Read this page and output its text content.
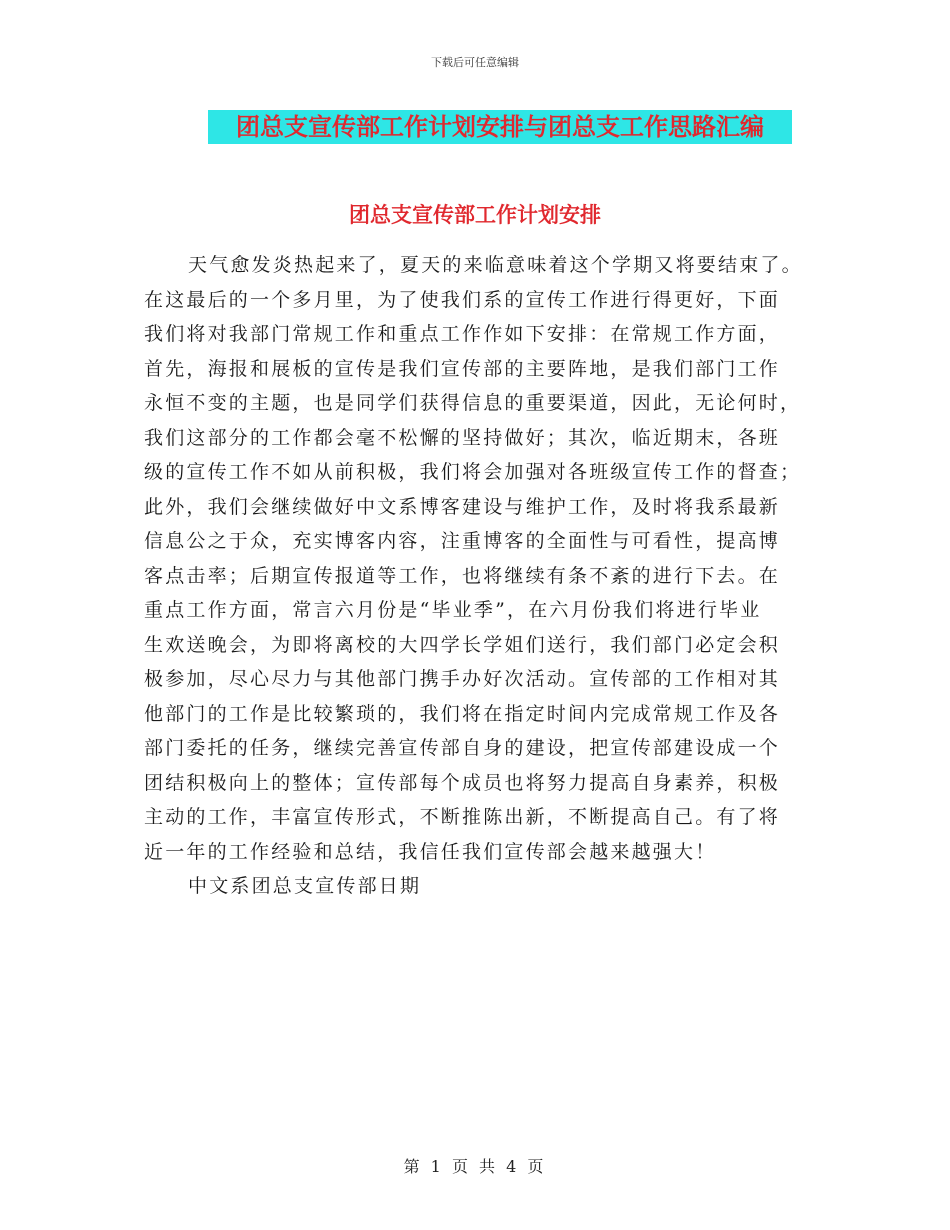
下载后可任意编辑
团总支宣传部工作计划安排与团总支工作思路汇编
团总支宣传部工作计划安排
天气愈发炎热起来了，夏天的来临意味着这个学期又将要结束了。
在这最后的一个多月里，为了使我们系的宣传工作进行得更好，下面
我们将对我部门常规工作和重点工作作如下安排：在常规工作方面，
首先，海报和展板的宣传是我们宣传部的主要阵地，是我们部门工作
永恒不变的主题，也是同学们获得信息的重要渠道，因此，无论何时，
我们这部分的工作都会毫不松懈的坚持做好；其次，临近期末，各班
级的宣传工作不如从前积极，我们将会加强对各班级宣传工作的督查；
此外，我们会继续做好中文系博客建设与维护工作，及时将我系最新
信息公之于众，充实博客内容，注重博客的全面性与可看性，提高博
客点击率；后期宣传报道等工作，也将继续有条不紊的进行下去。在
重点工作方面，常言六月份是“毕业季”，在六月份我们将进行毕业
生欢送晚会，为即将离校的大四学长学姐们送行，我们部门必定会积
极参加，尽心尽力与其他部门携手办好次活动。宣传部的工作相对其
他部门的工作是比较繁琐的，我们将在指定时间内完成常规工作及各
部门委托的任务，继续完善宣传部自身的建设，把宣传部建设成一个
团结积极向上的整体；宣传部每个成员也将努力提高自身素养，积极
主动的工作，丰富宣传形式，不断推陈出新，不断提高自己。有了将
近一年的工作经验和总结，我信任我们宣传部会越来越强大！
中文系团总支宣传部日期
第 1 页 共 4 页
